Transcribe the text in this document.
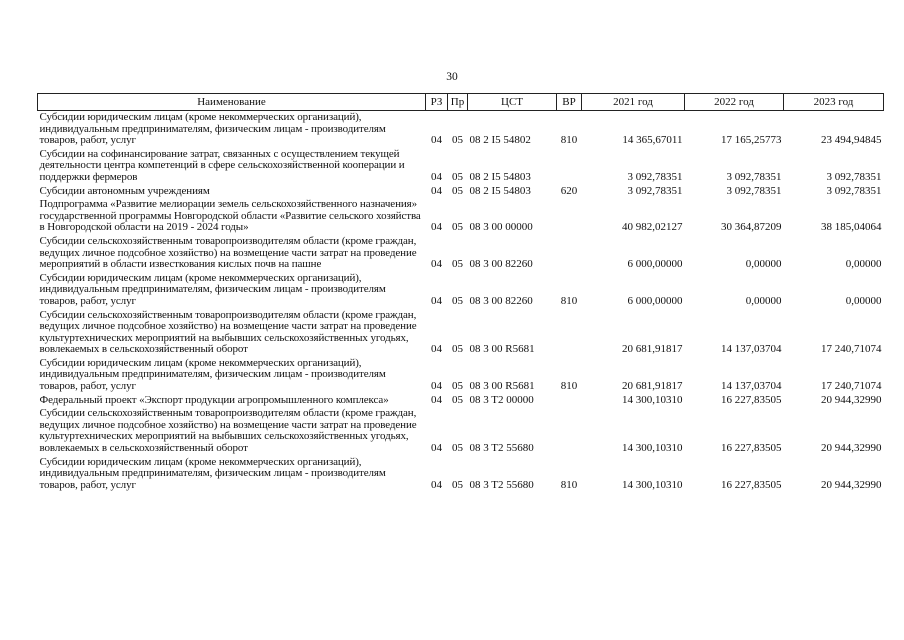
30
Наименование	РЗ	Пр	ЦСТ	ВР	2021 год	2022 год	2023 год
Субсидии юридическим лицам (кроме некоммерческих организаций), индивидуальным предпринимателям, физическим лицам - производителям товаров, работ, услуг	04	05	08 2 I5 54802	810	14 365,67011	17 165,25773	23 494,94845
Субсидии на софинансирование затрат, связанных с осуществлением текущей деятельности центра компетенций в сфере сельскохозяйственной кооперации и поддержки фермеров	04	05	08 2 I5 54803		3 092,78351	3 092,78351	3 092,78351
Субсидии автономным учреждениям	04	05	08 2 I5 54803	620	3 092,78351	3 092,78351	3 092,78351
Подпрограмма «Развитие мелиорации земель сельскохозяйственного назначения» государственной программы Новгородской области «Развитие сельского хозяйства в Новгородской области на 2019 - 2024 годы»	04	05	08 3 00 00000		40 982,02127	30 364,87209	38 185,04064
Субсидии сельскохозяйственным товаропроизводителям области (кроме граждан, ведущих личное подсобное хозяйство) на возмещение части затрат на проведение мероприятий в области известкования кислых почв на пашне	04	05	08 3 00 82260		6 000,00000	0,00000	0,00000
Субсидии юридическим лицам (кроме некоммерческих организаций), индивидуальным предпринимателям, физическим лицам - производителям товаров, работ, услуг	04	05	08 3 00 82260	810	6 000,00000	0,00000	0,00000
Субсидии сельскохозяйственным товаропроизводителям области (кроме граждан, ведущих личное подсобное хозяйство) на возмещение части затрат на проведение культуртехнических мероприятий на выбывших сельскохозяйственных угодьях, вовлекаемых в сельскохозяйственный оборот	04	05	08 3 00 R5681		20 681,91817	14 137,03704	17 240,71074
Субсидии юридическим лицам (кроме некоммерческих организаций), индивидуальным предпринимателям, физическим лицам - производителям товаров, работ, услуг	04	05	08 3 00 R5681	810	20 681,91817	14 137,03704	17 240,71074
Федеральный проект «Экспорт продукции агропромышленного комплекса»	04	05	08 3 T2 00000		14 300,10310	16 227,83505	20 944,32990
Субсидии сельскохозяйственным товаропроизводителям области (кроме граждан, ведущих личное подсобное хозяйство) на возмещение части затрат на проведение культуртехнических мероприятий на выбывших сельскохозяйственных угодьях, вовлекаемых в сельскохозяйственный оборот	04	05	08 3 T2 55680		14 300,10310	16 227,83505	20 944,32990
Субсидии юридическим лицам (кроме некоммерческих организаций), индивидуальным предпринимателям, физическим лицам - производителям товаров, работ, услуг	04	05	08 3 T2 55680	810	14 300,10310	16 227,83505	20 944,32990
